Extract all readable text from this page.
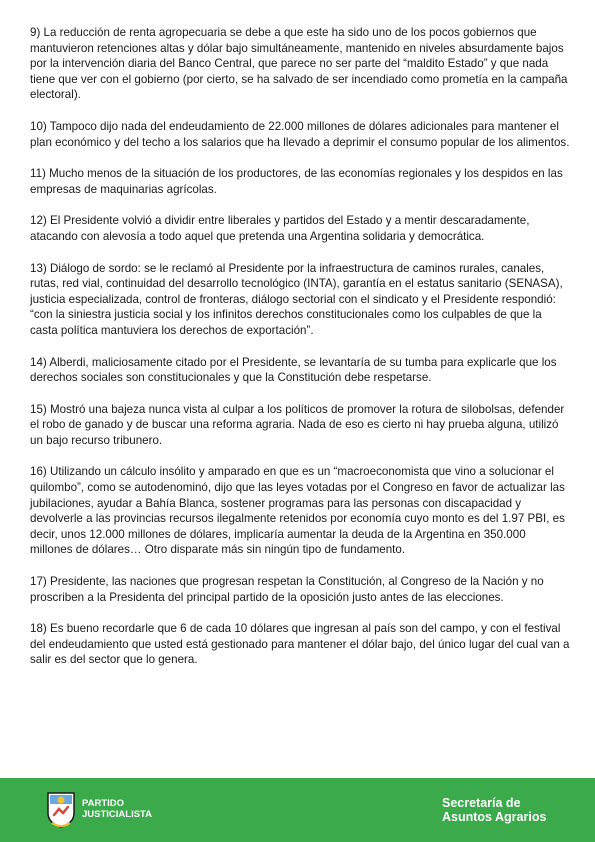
9) La reducción de renta agropecuaria se debe a que este ha sido uno de los pocos gobiernos que mantuvieron retenciones altas y dólar bajo simultáneamente, mantenido en niveles absurdamente bajos por la intervención diaria del Banco Central, que parece no ser parte del “maldito Estado” y que nada tiene que ver con el gobierno (por cierto, se ha salvado de ser incendiado como prometía en la campaña electoral).

10) Tampoco dijo nada del endeudamiento de 22.000 millones de dólares adicionales para mantener el plan económico y del techo a los salarios que ha llevado a deprimir el consumo popular de los alimentos.

11) Mucho menos de la situación de los productores, de las economías regionales y los despidos en las empresas de maquinarias agrícolas.

12) El Presidente volvió a dividir entre liberales y partidos del Estado y a mentir descaradamente, atacando con alevosía a todo aquel que pretenda una Argentina solidaria y democrática.

13) Diálogo de sordo: se le reclamó al Presidente por la infraestructura de caminos rurales, canales, rutas, red vial, continuidad del desarrollo tecnológico (INTA), garantía en el estatus sanitario (SENASA), justicia especializada, control de fronteras, diálogo sectorial con el sindicato y el Presidente respondió: “con la siniestra justicia social y los infinitos derechos constitucionales como los culpables de que la casta política mantuviera los derechos de exportación”.

14) Alberdi, maliciosamente citado por el Presidente, se levantaría de su tumba para explicarle que los derechos sociales son constitucionales y que la Constitución debe respetarse.

15) Mostró una bajeza nunca vista al culpar a los políticos de promover la rotura de silobolsas, defender el robo de ganado y de buscar una reforma agraria. Nada de eso es cierto ni hay prueba alguna, utilizó un bajo recurso tribunero.

16) Utilizando un cálculo insólito y amparado en que es un “macroeconomista que vino a solucionar el quilombo”, como se autodenominó, dijo que las leyes votadas por el Congreso en favor de actualizar las jubilaciones, ayudar a Bahía Blanca, sostener programas para las personas con discapacidad y devolverle a las provincias recursos ilegalmente retenidos por economía cuyo monto es del 1.97 PBI, es decir, unos 12.000 millones de dólares, implicaría aumentar la deuda de la Argentina en 350.000 millones de dólares… Otro disparate más sin ningún tipo de fundamento.

17) Presidente, las naciones que progresan respetan la Constitución, al Congreso de la Nación y no proscriben a la Presidenta del principal partido de la oposición justo antes de las elecciones.

18) Es bueno recordarle que 6 de cada 10 dólares que ingresan al país son del campo, y con el festival del endeudamiento que usted está gestionado para mantener el dólar bajo, del único lugar del cual van a salir es del sector que lo genera.

PARTIDO
JUSTICIALISTA
Secretaría de
Asuntos Agrarios
